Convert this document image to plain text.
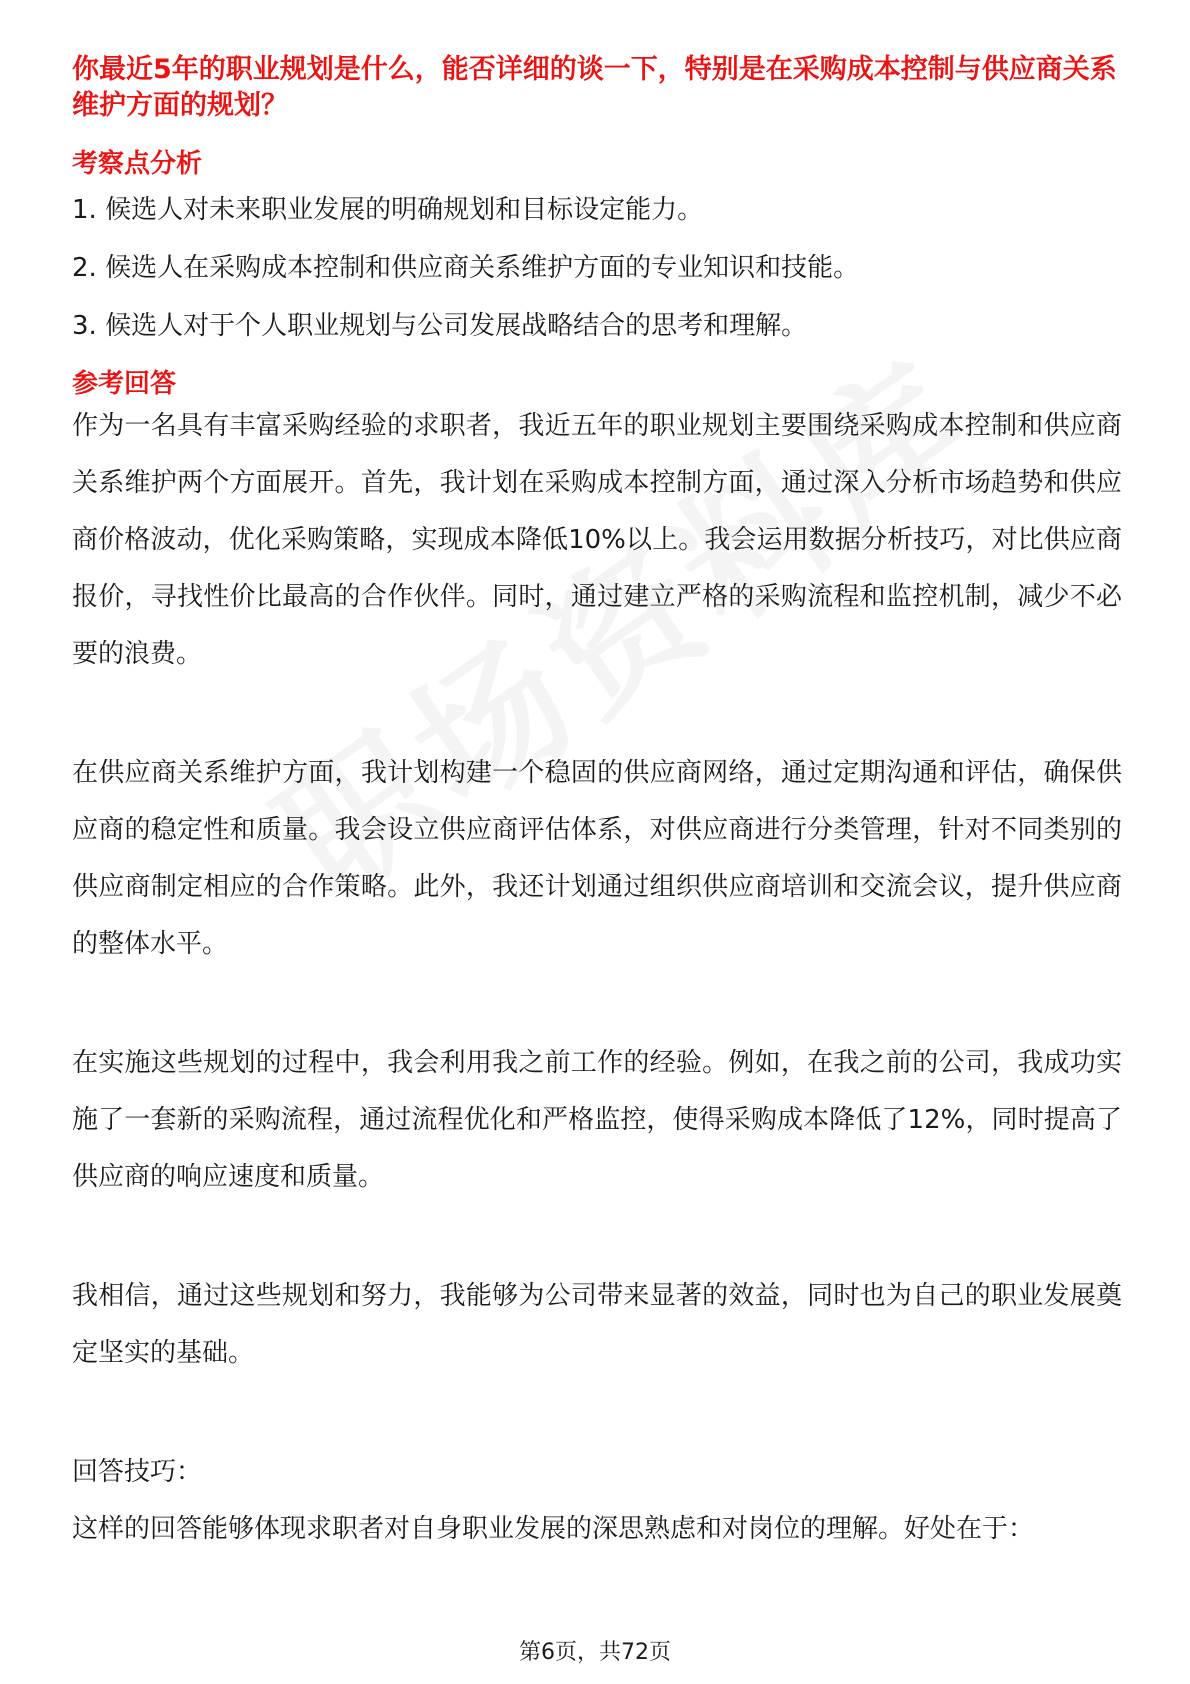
你最近5年的职业规划是什么，能否详细的谈一下，特别是在采购成本控制与供应商关系维护方面的规划？

考察点分析

1. 候选人对未来职业发展的明确规划和目标设定能力。

2. 候选人在采购成本控制和供应商关系维护方面的专业知识和技能。

3. 候选人对于个人职业规划与公司发展战略结合的思考和理解。

参考回答

作为一名具有丰富采购经验的求职者，我近五年的职业规划主要围绕采购成本控制和供应商关系维护两个方面展开。首先，我计划在采购成本控制方面，通过深入分析市场趋势和供应商价格波动，优化采购策略，实现成本降低10%以上。我会运用数据分析技巧，对比供应商报价，寻找性价比最高的合作伙伴。同时，通过建立严格的采购流程和监控机制，减少不必要的浪费。

在供应商关系维护方面，我计划构建一个稳固的供应商网络，通过定期沟通和评估，确保供应商的稳定性和质量。我会设立供应商评估体系，对供应商进行分类管理，针对不同类别的供应商制定相应的合作策略。此外，我还计划通过组织供应商培训和交流会议，提升供应商的整体水平。

在实施这些规划的过程中，我会利用我之前工作的经验。例如，在我之前的公司，我成功实施了一套新的采购流程，通过流程优化和严格监控，使得采购成本降低了12%，同时提高了供应商的响应速度和质量。

我相信，通过这些规划和努力，我能够为公司带来显著的效益，同时也为自己的职业发展奠定坚实的基础。

回答技巧：

这样的回答能够体现求职者对自身职业发展的深思熟虑和对岗位的理解。好处在于：

第6页，共72页
